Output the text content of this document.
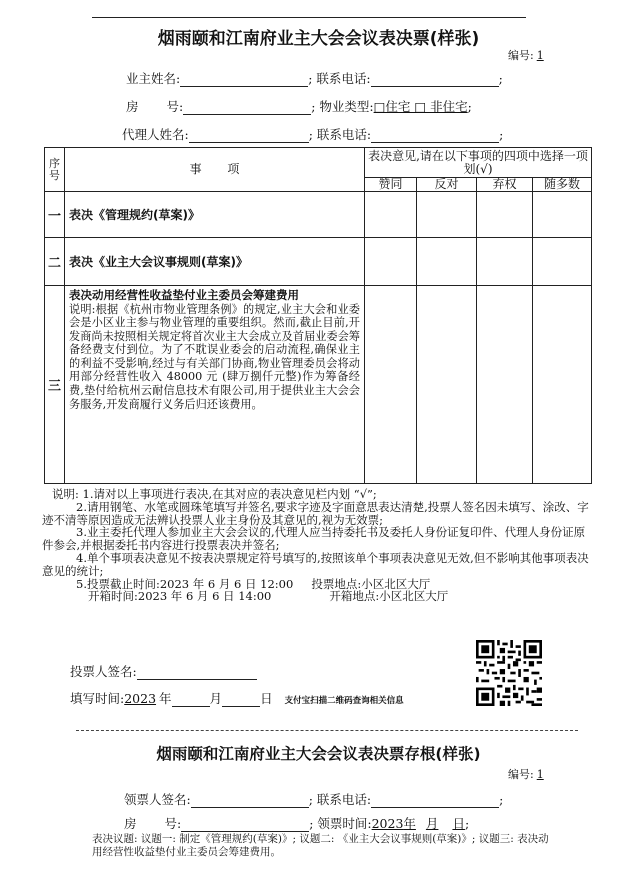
烟雨颐和江南府业主大会会议表决票(样张)
编号: 1
业主姓名:	; 联系电话:	;
房 号:	; 物业类型:□住宅 □ 非住宅;
代理人姓名:	; 联系电话:	;
序号	事 项	表决意见,请在以下事项的四项中选择一项划(√)			
		赞同	反对	弃权	随多数
一	表决《管理规约(草案)》				
二	表决《业主大会议事规则(草案)》				
三	表决动用经营性收益垫付业主委员会筹建费用
说明:根据《杭州市物业管理条例》的规定,业主大会和业委会是小区业主参与物业管理的重要组织。然而,截止目前,开发商尚未按照相关规定将首次业主大会成立及首届业委会筹备经费支付到位。为了不耽误业委会的启动流程,确保业主的利益不受影响,经过与有关部门协商,物业管理委员会将动用部分经营性收入 48000 元 (肆万捌仟元整)作为筹备经费,垫付给杭州云耐信息技术有限公司,用于提供业主大会会务服务,开发商履行义务后归还该费用。				

说明: 1.请对以上事项进行表决,在其对应的表决意见栏内划 “√”;

2.请用钢笔、水笔或圆珠笔填写并签名,要求字迹及字面意思表达清楚,投票人签名因未填写、涂改、字迹不清等原因造成无法辨认投票人业主身份及其意见的,视为无效票;

3.业主委托代理人参加业主大会会议的,代理人应当持委托书及委托人身份证复印件、代理人身份证原件参会,并根据委托书内容进行投票表决并签名;

4.单个事项表决意见不按表决票规定符号填写的,按照该单个事项表决意见无效,但不影响其他事项表决意见的统计;

5.投票截止时间:2023 年 6 月 6 日 12:00 投票地点:小区北区大厅

开箱时间:2023 年 6 月 6 日 14:00	开箱地点:小区北区大厅

投票人签名:
填写时间:2023 年	月	日 支付宝扫描二维码查询相关信息
烟雨颐和江南府业主大会会议表决票存根(样张)
编号: 1
领票人签名:	; 联系电话:	;
房 号:	; 领票时间:2023年 月 日;
表决议题: 议题一: 制定《管理规约(草案)》; 议题二: 《业主大会议事规则(草案)》; 议题三: 表决动用经营性收益垫付业主委员会筹建费用。
